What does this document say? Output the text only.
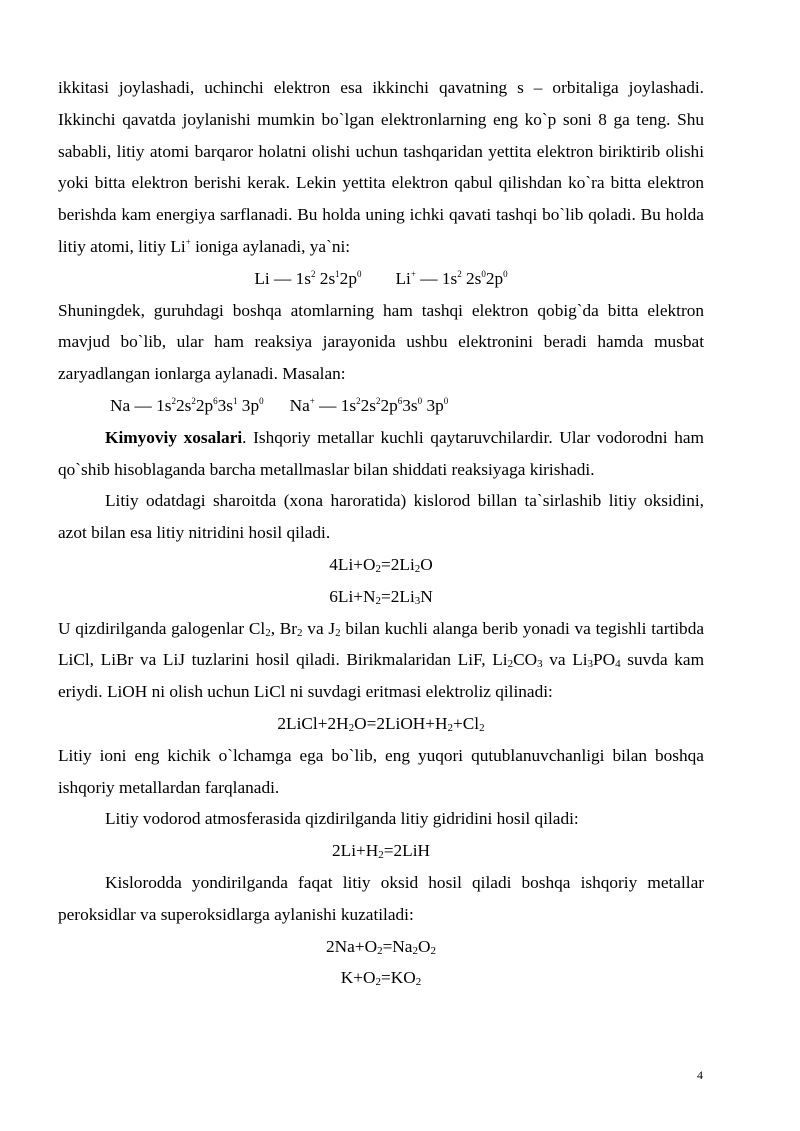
ikkitasi joylashadi, uchinchi elektron esa ikkinchi qavatning s – orbitaliga joylashadi. Ikkinchi qavatda joylanishi mumkin bo`lgan elektronlarning eng ko`p soni 8 ga teng. Shu sababli, litiy atomi barqaror holatni olishi uchun tashqaridan yettita elektron biriktirib olishi yoki bitta elektron berishi kerak. Lekin yettita elektron qabul qilishdan ko`ra bitta elektron berishda kam energiya sarflanadi. Bu holda uning ichki qavati tashqi bo`lib qoladi. Bu holda litiy atomi, litiy Li+ ioniga aylanadi, ya`ni:

Li — $1s^2$ $2s^12p^0$ Li+ — $1s^2$ $2s^02p^0$

Shuningdek, guruhdagi boshqa atomlarning ham tashqi elektron qobig`da bitta elektron mavjud bo`lib, ular ham reaksiya jarayonida ushbu elektronini beradi hamda musbat zaryadlangan ionlarga aylanadi. Masalan:

Na — $1s^22s^22p^63s^1$ $3p^0$ Na+ — $1s^22s^22p^63s^0$ $3p^0$

Kimyoviy xosalari. Ishqoriy metallar kuchli qaytaruvchilardir. Ular vodorodni ham qo`shib hisoblaganda barcha metallmaslar bilan shiddati reaksiyaga kirishadi.

Litiy odatdagi sharoitda (xona haroratida) kislorod billan ta`sirlashib litiy oksidini, azot bilan esa litiy nitridini hosil qiladi.

$4Li+O_2=2Li_2O$

$6Li+N_2=2Li_3N$

U qizdirilganda galogenlar $Cl_2$, $Br_2$ va $J_2$ bilan kuchli alanga berib yonadi va tegishli tartibda LiCl, LiBr va LiJ tuzlarini hosil qiladi. Birikmalaridan LiF, $Li_2CO_3$ va $Li_3PO_4$ suvda kam eriydi. LiOH ni olish uchun LiCl ni suvdagi eritmasi elektroliz qilinadi:

$2LiCl+2H_2O=2LiOH+H_2+Cl_2$

Litiy ioni eng kichik o`lchamga ega bo`lib, eng yuqori qutublanuvchanligi bilan boshqa ishqoriy metallardan farqlanadi.

Litiy vodorod atmosferasida qizdirilganda litiy gidridini hosil qiladi:

$2Li+H_2=2LiH$

Kislorodda yondirilganda faqat litiy oksid hosil qiladi boshqa ishqoriy metallar peroksidlar va superoksidlarga aylanishi kuzatiladi:

$2Na+O_2=Na_2O_2$

$K+O_2=KO_2$

4
